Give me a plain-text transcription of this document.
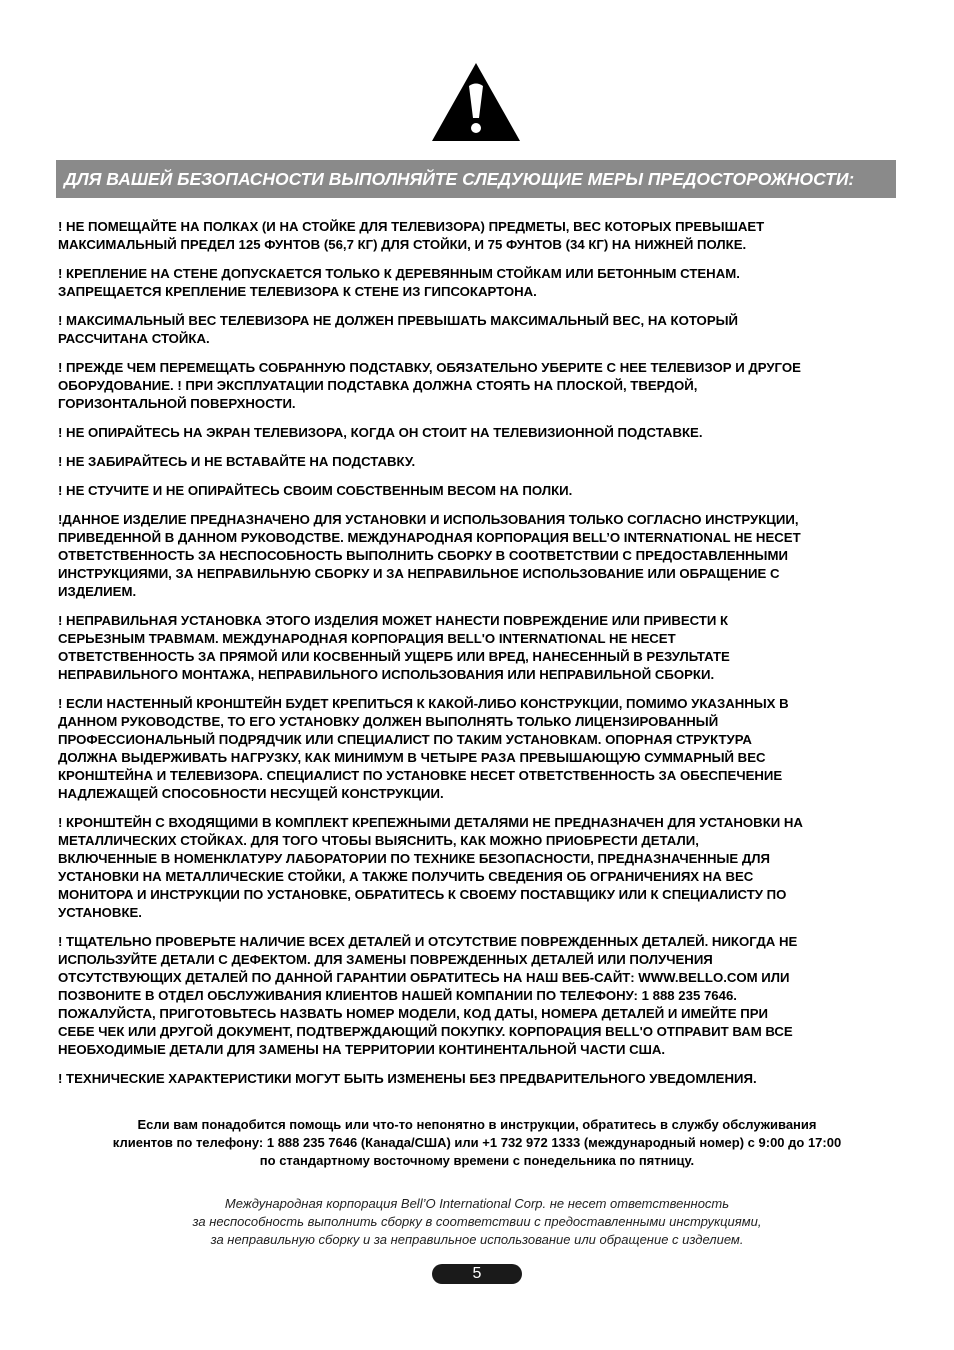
ДЛЯ ВАШЕЙ БЕЗОПАСНОСТИ ВЫПОЛНЯЙТЕ СЛЕДУЮЩИЕ МЕРЫ ПРЕДОСТОРОЖНОСТИ:
! НЕ ПОМЕЩАЙТЕ НА ПОЛКАХ (И НА СТОЙКЕ ДЛЯ ТЕЛЕВИЗОРА) ПРЕДМЕТЫ, ВЕС КОТОРЫХ ПРЕВЫШАЕТ
МАКСИМАЛЬНЫЙ ПРЕДЕЛ 125 ФУНТОВ (56,7 КГ) ДЛЯ СТОЙКИ, И 75 ФУНТОВ (34 КГ) НА НИЖНЕЙ ПОЛКЕ.
! КРЕПЛЕНИЕ НА СТЕНЕ ДОПУСКАЕТСЯ ТОЛЬКО К ДЕРЕВЯННЫМ СТОЙКАМ ИЛИ БЕТОННЫМ СТЕНАМ.
ЗАПРЕЩАЕТСЯ КРЕПЛЕНИЕ ТЕЛЕВИЗОРА К СТЕНЕ ИЗ ГИПСОКАРТОНА.
! МАКСИМАЛЬНЫЙ ВЕС ТЕЛЕВИЗОРА НЕ ДОЛЖЕН ПРЕВЫШАТЬ МАКСИМАЛЬНЫЙ ВЕС, НА КОТОРЫЙ
РАССЧИТАНА СТОЙКА.
! ПРЕЖДЕ ЧЕМ ПЕРЕМЕЩАТЬ СОБРАННУЮ ПОДСТАВКУ, ОБЯЗАТЕЛЬНО УБЕРИТЕ С НЕЕ ТЕЛЕВИЗОР И ДРУГОЕ
ОБОРУДОВАНИЕ. ! ПРИ ЭКСПЛУАТАЦИИ ПОДСТАВКА ДОЛЖНА СТОЯТЬ НА ПЛОСКОЙ, ТВЕРДОЙ,
ГОРИЗОНТАЛЬНОЙ ПОВЕРХНОСТИ.
! НЕ ОПИРАЙТЕСЬ НА ЭКРАН ТЕЛЕВИЗОРА, КОГДА ОН СТОИТ НА ТЕЛЕВИЗИОННОЙ ПОДСТАВКЕ.
! НЕ ЗАБИРАЙТЕСЬ И НЕ ВСТАВАЙТЕ НА ПОДСТАВКУ.
! НЕ СТУЧИТЕ И НЕ ОПИРАЙТЕСЬ СВОИМ СОБСТВЕННЫМ ВЕСОМ НА ПОЛКИ.
!ДАННОЕ ИЗДЕЛИЕ ПРЕДНАЗНАЧЕНО ДЛЯ УСТАНОВКИ И ИСПОЛЬЗОВАНИЯ ТОЛЬКО СОГЛАСНО ИНСТРУКЦИИ,
ПРИВЕДЕННОЙ В ДАННОМ РУКОВОДСТВЕ. МЕЖДУНАРОДНАЯ КОРПОРАЦИЯ BELL’O INTERNATIONAL НЕ НЕСЕТ
ОТВЕТСТВЕННОСТЬ ЗА НЕСПОСОБНОСТЬ ВЫПОЛНИТЬ СБОРКУ В СООТВЕТСТВИИ С ПРЕДОСТАВЛЕННЫМИ
ИНСТРУКЦИЯМИ, ЗА НЕПРАВИЛЬНУЮ СБОРКУ И ЗА НЕПРАВИЛЬНОЕ ИСПОЛЬЗОВАНИЕ ИЛИ ОБРАЩЕНИЕ С
ИЗДЕЛИЕМ.
! НЕПРАВИЛЬНАЯ УСТАНОВКА ЭТОГО ИЗДЕЛИЯ МОЖЕТ НАНЕСТИ ПОВРЕЖДЕНИЕ ИЛИ ПРИВЕСТИ К
СЕРЬЕЗНЫМ ТРАВМАМ. МЕЖДУНАРОДНАЯ КОРПОРАЦИЯ BELL'O INTERNATIONAL НЕ НЕСЕТ
ОТВЕТСТВЕННОСТЬ ЗА ПРЯМОЙ ИЛИ КОСВЕННЫЙ УЩЕРБ ИЛИ ВРЕД, НАНЕСЕННЫЙ В РЕЗУЛЬТАТЕ
НЕПРАВИЛЬНОГО МОНТАЖА, НЕПРАВИЛЬНОГО ИСПОЛЬЗОВАНИЯ ИЛИ НЕПРАВИЛЬНОЙ СБОРКИ.
! ЕСЛИ НАСТЕННЫЙ КРОНШТЕЙН БУДЕТ КРЕПИТЬСЯ К КАКОЙ-ЛИБО КОНСТРУКЦИИ, ПОМИМО УКАЗАННЫХ В
ДАННОМ РУКОВОДСТВЕ, ТО ЕГО УСТАНОВКУ ДОЛЖЕН ВЫПОЛНЯТЬ ТОЛЬКО ЛИЦЕНЗИРОВАННЫЙ
ПРОФЕССИОНАЛЬНЫЙ ПОДРЯДЧИК ИЛИ СПЕЦИАЛИСТ ПО ТАКИМ УСТАНОВКАМ. ОПОРНАЯ СТРУКТУРА
ДОЛЖНА ВЫДЕРЖИВАТЬ НАГРУЗКУ, КАК МИНИМУМ В ЧЕТЫРЕ РАЗА ПРЕВЫШАЮЩУЮ СУММАРНЫЙ ВЕС
КРОНШТЕЙНА И ТЕЛЕВИЗОРА. СПЕЦИАЛИСТ ПО УСТАНОВКЕ НЕСЕТ ОТВЕТСТВЕННОСТЬ ЗА ОБЕСПЕЧЕНИЕ
НАДЛЕЖАЩЕЙ СПОСОБНОСТИ НЕСУЩЕЙ КОНСТРУКЦИИ.
! КРОНШТЕЙН С ВХОДЯЩИМИ В КОМПЛЕКТ КРЕПЕЖНЫМИ ДЕТАЛЯМИ НЕ ПРЕДНАЗНАЧЕН ДЛЯ УСТАНОВКИ НА
МЕТАЛЛИЧЕСКИХ СТОЙКАХ. ДЛЯ ТОГО ЧТОБЫ ВЫЯСНИТЬ, КАК МОЖНО ПРИОБРЕСТИ ДЕТАЛИ,
ВКЛЮЧЕННЫЕ В НОМЕНКЛАТУРУ ЛАБОРАТОРИИ ПО ТЕХНИКЕ БЕЗОПАСНОСТИ, ПРЕДНАЗНАЧЕННЫЕ ДЛЯ
УСТАНОВКИ НА МЕТАЛЛИЧЕСКИЕ СТОЙКИ, А ТАКЖЕ ПОЛУЧИТЬ СВЕДЕНИЯ ОБ ОГРАНИЧЕНИЯХ НА ВЕС
МОНИТОРА И ИНСТРУКЦИИ ПО УСТАНОВКЕ, ОБРАТИТЕСЬ К СВОЕМУ ПОСТАВЩИКУ ИЛИ К СПЕЦИАЛИСТУ ПО
УСТАНОВКЕ.
! ТЩАТЕЛЬНО ПРОВЕРЬТЕ НАЛИЧИЕ ВСЕХ ДЕТАЛЕЙ И ОТСУТСТВИЕ ПОВРЕЖДЕННЫХ ДЕТАЛЕЙ. НИКОГДА НЕ
ИСПОЛЬЗУЙТЕ ДЕТАЛИ С ДЕФЕКТОМ. ДЛЯ ЗАМЕНЫ ПОВРЕЖДЕННЫХ ДЕТАЛЕЙ ИЛИ ПОЛУЧЕНИЯ
ОТСУТСТВУЮЩИХ ДЕТАЛЕЙ ПО ДАННОЙ ГАРАНТИИ ОБРАТИТЕСЬ НА НАШ ВЕБ-САЙТ: WWW.BELLO.COM ИЛИ
ПОЗВОНИТЕ В ОТДЕЛ ОБСЛУЖИВАНИЯ КЛИЕНТОВ НАШЕЙ КОМПАНИИ ПО ТЕЛЕФОНУ: 1 888 235 7646.
ПОЖАЛУЙСТА, ПРИГОТОВЬТЕСЬ НАЗВАТЬ НОМЕР МОДЕЛИ, КОД ДАТЫ, НОМЕРА ДЕТАЛЕЙ И ИМЕЙТЕ ПРИ
СЕБЕ ЧЕК ИЛИ ДРУГОЙ ДОКУМЕНТ, ПОДТВЕРЖДАЮЩИЙ ПОКУПКУ. КОРПОРАЦИЯ BELL'O ОТПРАВИТ ВАМ ВСЕ
НЕОБХОДИМЫЕ ДЕТАЛИ ДЛЯ ЗАМЕНЫ НА ТЕРРИТОРИИ КОНТИНЕНТАЛЬНОЙ ЧАСТИ США.
! ТЕХНИЧЕСКИЕ ХАРАКТЕРИСТИКИ МОГУТ БЫТЬ ИЗМЕНЕНЫ БЕЗ ПРЕДВАРИТЕЛЬНОГО УВЕДОМЛЕНИЯ.
Если вам понадобится помощь или что-то непонятно в инструкции, обратитесь в службу обслуживания
клиентов по телефону: 1 888 235 7646 (Канада/США) или +1 732 972 1333 (международный номер) с 9:00 до 17:00
по стандартному восточному времени с понедельника по пятницу.
Международная корпорация Bell’O International Corp. не несет ответственность
за неспособность выполнить сборку в соответствии с предоставленными инструкциями,
за неправильную сборку и за неправильное использование или обращение с изделием.
5
